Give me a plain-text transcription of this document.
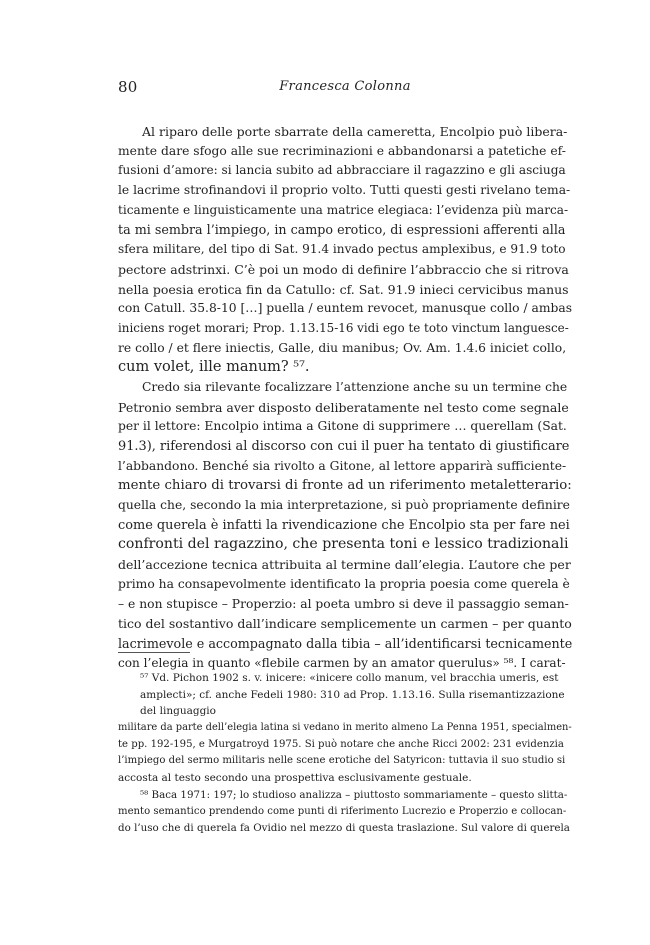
80	Francesca Colonna
Al riparo delle porte sbarrate della cameretta, Encolpio può libera-
mente dare sfogo alle sue recriminazioni e abbandonarsi a patetiche ef-
fusioni d’amore: si lancia subito ad abbracciare il ragazzino e gli asciuga
le lacrime strofinandovi il proprio volto. Tutti questi gesti rivelano tema-
ticamente e linguisticamente una matrice elegiaca: l’evidenza più marca-
ta mi sembra l’impiego, in campo erotico, di espressioni afferenti alla
sfera militare, del tipo di Sat. 91.4 invado pectus amplexibus, e 91.9 toto
pectore adstrinxi. C’è poi un modo di definire l’abbraccio che si ritrova
nella poesia erotica fin da Catullo: cf. Sat. 91.9 inieci cervicibus manus
con Catull. 35.8-10 […] puella / euntem revocet, manusque collo / ambas
iniciens roget morari; Prop. 1.13.15-16 vidi ego te toto vinctum languesce-
re collo / et flere iniectis, Galle, diu manibus; Ov. Am. 1.4.6 iniciet collo,
cum volet, ille manum? ⁵⁷.
Credo sia rilevante focalizzare l’attenzione anche su un termine che
Petronio sembra aver disposto deliberatamente nel testo come segnale
per il lettore: Encolpio intima a Gitone di supprimere … querellam (Sat.
91.3), riferendosi al discorso con cui il puer ha tentato di giustificare
l’abbandono. Benché sia rivolto a Gitone, al lettore apparirà sufficiente-
mente chiaro di trovarsi di fronte ad un riferimento metaletterario:
quella che, secondo la mia interpretazione, si può propriamente definire
come querela è infatti la rivendicazione che Encolpio sta per fare nei
confronti del ragazzino, che presenta toni e lessico tradizionali
dell’accezione tecnica attribuita al termine dall’elegia. L’autore che per
primo ha consapevolmente identificato la propria poesia come querela è
– e non stupisce – Properzio: al poeta umbro si deve il passaggio seman-
tico del sostantivo dall’indicare semplicemente un carmen – per quanto
lacrimevole e accompagnato dalla tibia – all’identificarsi tecnicamente
con l’elegia in quanto «flebile carmen by an amator querulus» ⁵⁸. I carat-
⁵⁷ Vd. Pichon 1902 s. v. inicere: «inicere collo manum, vel bracchia umeris, est amplecti»; cf. anche Fedeli 1980: 310 ad Prop. 1.13.16. Sulla risemantizzazione del linguaggio
militare da parte dell’elegia latina si vedano in merito almeno La Penna 1951, specialmen-
te pp. 192-195, e Murgatroyd 1975. Si può notare che anche Ricci 2002: 231 evidenzia
l’impiego del sermo militaris nelle scene erotiche del Satyricon: tuttavia il suo studio si
accosta al testo secondo una prospettiva esclusivamente gestuale.
⁵⁸ Baca 1971: 197; lo studioso analizza – piuttosto sommariamente – questo slitta-
mento semantico prendendo come punti di riferimento Lucrezio e Properzio e collocan-
do l’uso che di querela fa Ovidio nel mezzo di questa traslazione. Sul valore di querela
